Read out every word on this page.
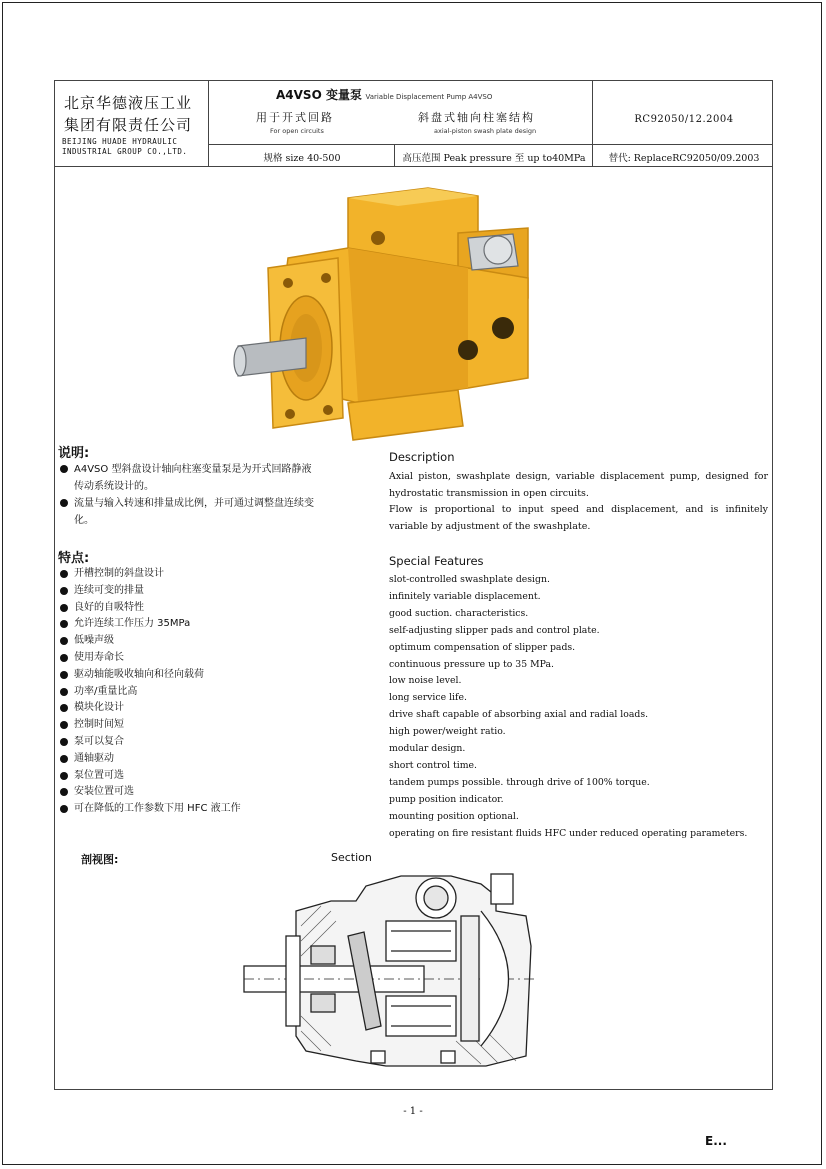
北京华德液压工业
集团有限责任公司
BEIJING HUADE HYDRAULIC
INDUSTRIAL GROUP CO.,LTD.
A4VSO 变量泵 Variable Displacement Pump A4VSO
用于开式回路
For open circuits
斜盘式轴向柱塞结构
axial-piston swash plate design
RC92050/12.2004
规格 size 40-500	高压范围 Peak pressure 至 up to40MPa	替代: ReplaceRC92050/09.2003
说明:
A4VSO 型斜盘设计轴向柱塞变量泵是为开式回路静液传动系统设计的。
流量与输入转速和排量成比例，并可通过调整盘连续变化。
特点:
开槽控制的斜盘设计
连续可变的排量
良好的自吸特性
允许连续工作压力 35MPa
低噪声级
使用寿命长
驱动轴能吸收轴向和径向载荷
功率/重量比高
模块化设计
控制时间短
泵可以复合
通轴驱动
泵位置可选
安装位置可选
可在降低的工作参数下用 HFC 液工作
Description
Axial piston, swashplate design, variable displacement pump, designed for hydrostatic transmission in open circuits.
Flow is proportional to input speed and displacement, and is infinitely variable by adjustment of the swashplate.
Special Features
slot-controlled swashplate design.
infinitely variable displacement.
good suction. characteristics.
self-adjusting slipper pads and control plate.
optimum compensation of slipper pads.
continuous pressure up to 35 MPa.
low noise level.
long service life.
drive shaft capable of absorbing axial and radial loads.
high power/weight ratio.
modular design.
short control time.
tandem pumps possible. through drive of 100% torque.
pump position indicator.
mounting position optional.
operating on fire resistant fluids HFC under reduced operating parameters.
剖视图:	Section
- 1 -
E...
